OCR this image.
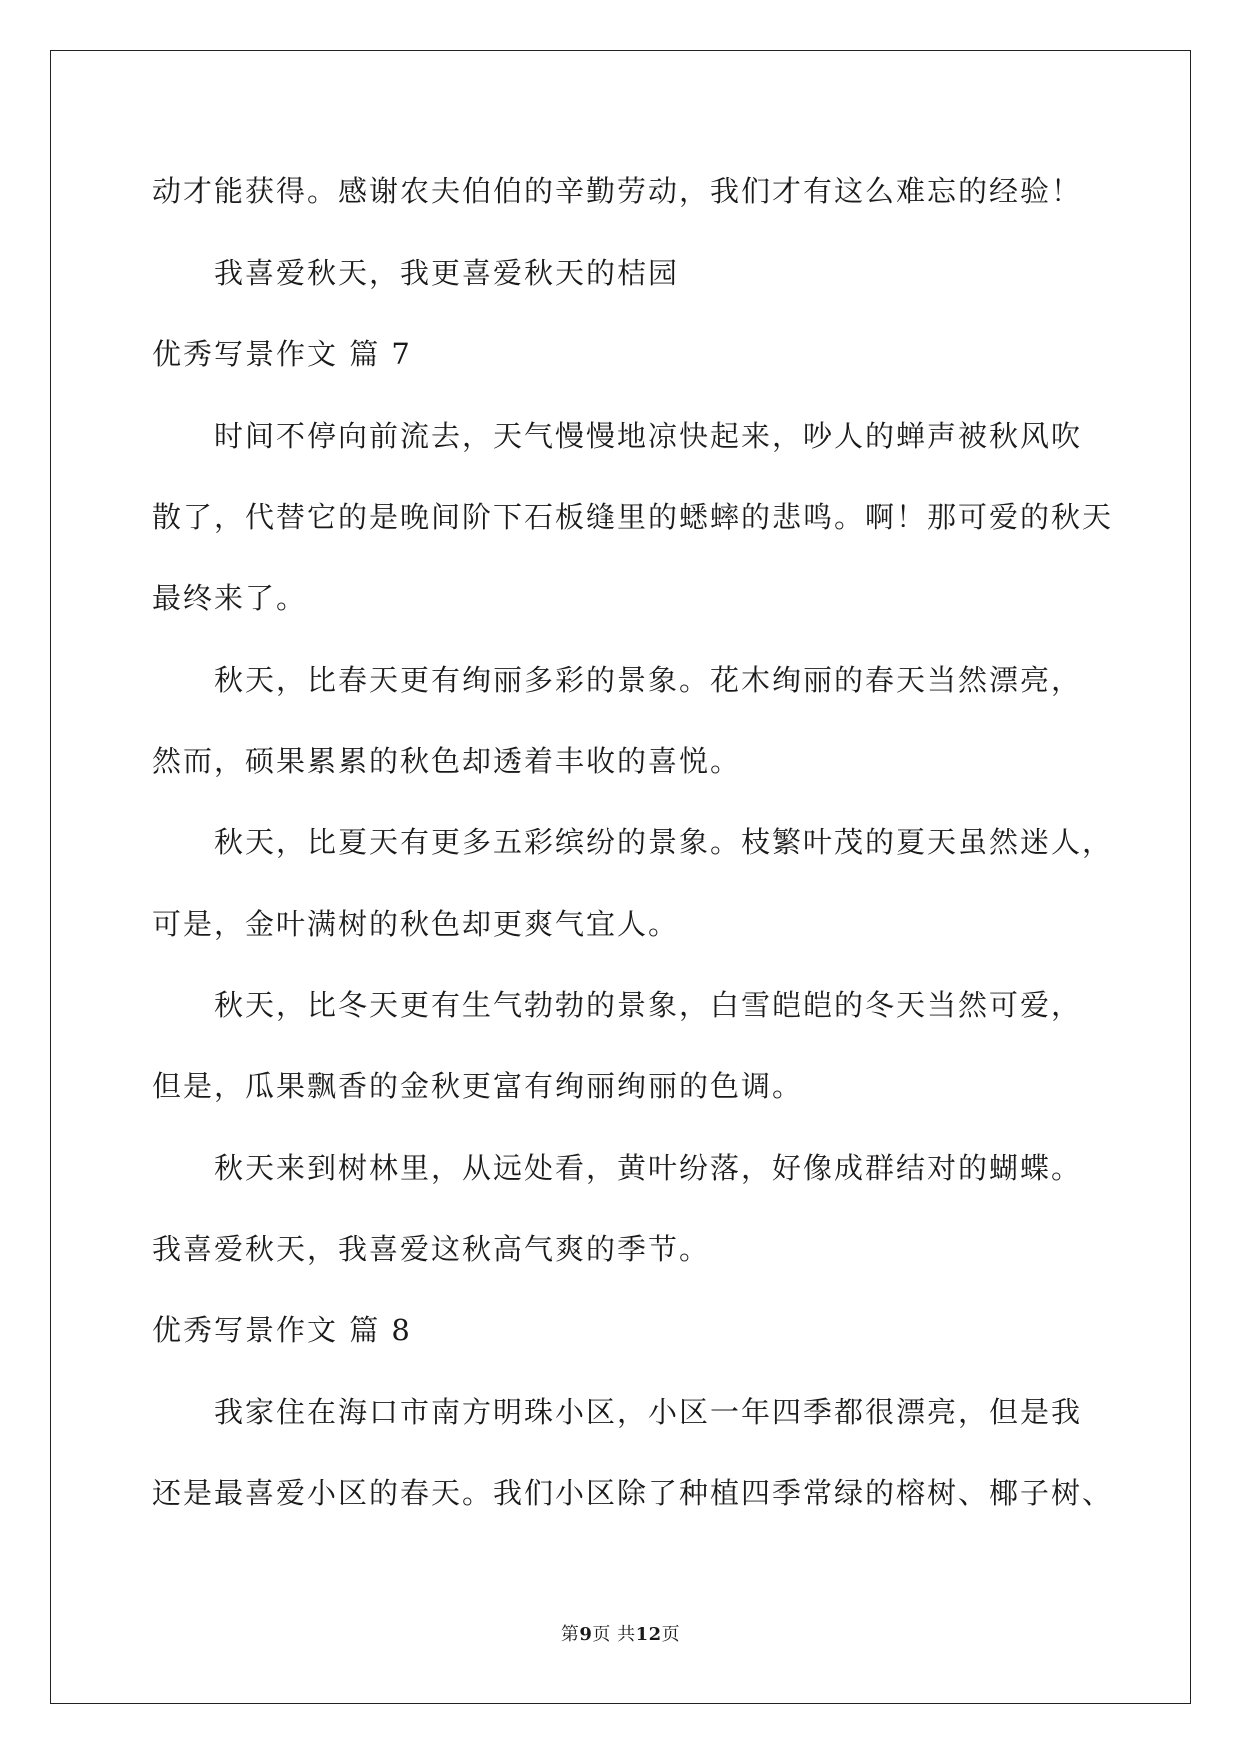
动才能获得。感谢农夫伯伯的辛勤劳动，我们才有这么难忘的经验！
我喜爱秋天，我更喜爱秋天的桔园
优秀写景作文 篇 7
时间不停向前流去，天气慢慢地凉快起来，吵人的蝉声被秋风吹
散了，代替它的是晚间阶下石板缝里的蟋蟀的悲鸣。啊！那可爱的秋天
最终来了。
秋天，比春天更有绚丽多彩的景象。花木绚丽的春天当然漂亮，
然而，硕果累累的秋色却透着丰收的喜悦。
秋天，比夏天有更多五彩缤纷的景象。枝繁叶茂的夏天虽然迷人，
可是，金叶满树的秋色却更爽气宜人。
秋天，比冬天更有生气勃勃的景象，白雪皑皑的冬天当然可爱，
但是，瓜果飘香的金秋更富有绚丽绚丽的色调。
秋天来到树林里，从远处看，黄叶纷落，好像成群结对的蝴蝶。
我喜爱秋天，我喜爱这秋高气爽的季节。
优秀写景作文 篇 8
我家住在海口市南方明珠小区，小区一年四季都很漂亮，但是我
还是最喜爱小区的春天。我们小区除了种植四季常绿的榕树、椰子树、
第9页 共12页
